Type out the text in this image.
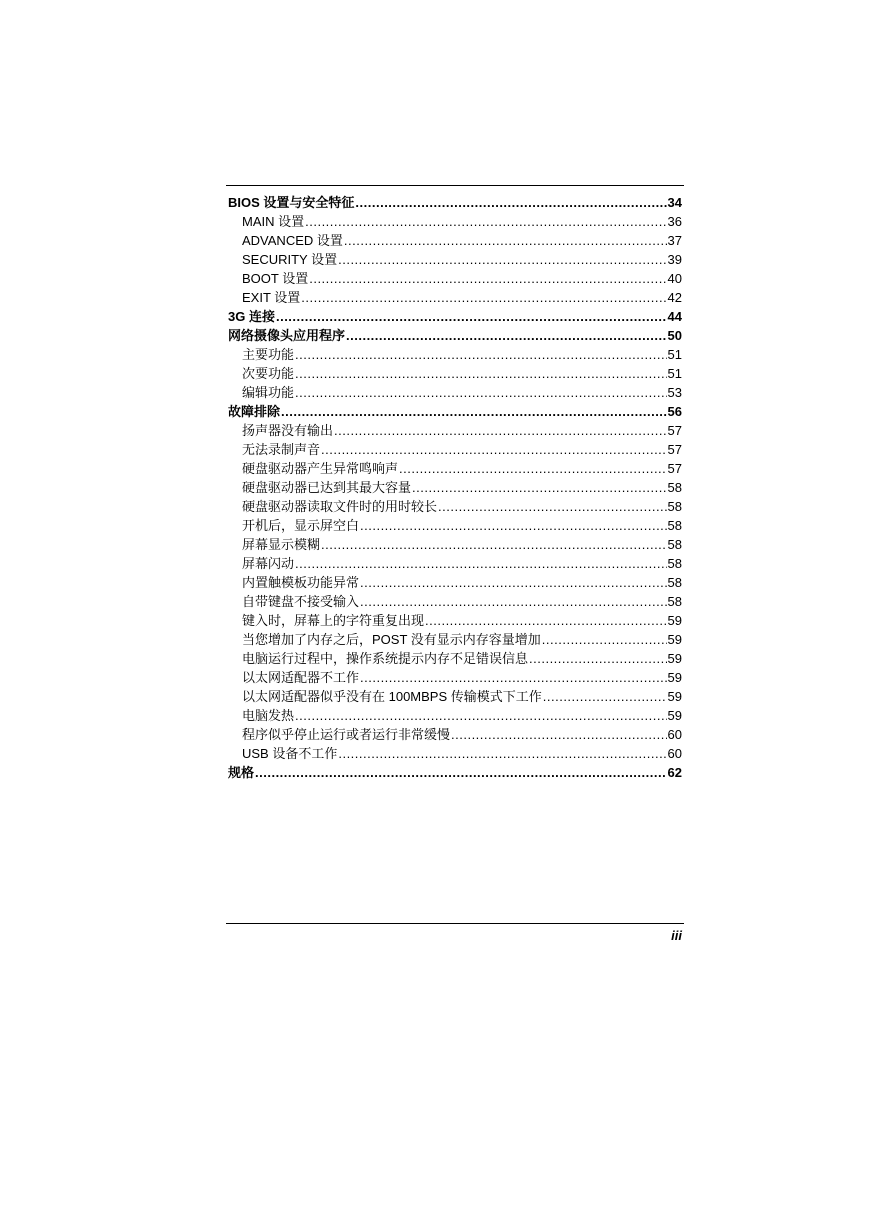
BIOS 设置与安全特征 .....	34
MAIN 设置 .....	36
ADVANCED 设置 .....	37
SECURITY 设置 .....	39
BOOT 设置 .....	40
EXIT 设置 .....	42
3G 连接 .....	44
网络摄像头应用程序 .....	50
主要功能 .....	51
次要功能 .....	51
编辑功能 .....	53
故障排除 .....	56
扬声器没有输出 .....	57
无法录制声音 .....	57
硬盘驱动器产生异常鸣响声 .....	57
硬盘驱动器已达到其最大容量 .....	58
硬盘驱动器读取文件时的用时较长 .....	58
开机后，显示屏空白 .....	58
屏幕显示模糊 .....	58
屏幕闪动 .....	58
内置触模板功能异常 .....	58
自带键盘不接受输入 .....	58
键入时，屏幕上的字符重复出现 .....	59
当您增加了内存之后，POST 没有显示内存容量增加 .....	59
电脑运行过程中，操作系统提示内存不足错误信息 .....	59
以太网适配器不工作 .....	59
以太网适配器似乎没有在 100MBPS 传输模式下工作 .....	59
电脑发热 .....	59
程序似乎停止运行或者运行非常缓慢 .....	60
USB 设备不工作 .....	60
规格 .....	62
iii
